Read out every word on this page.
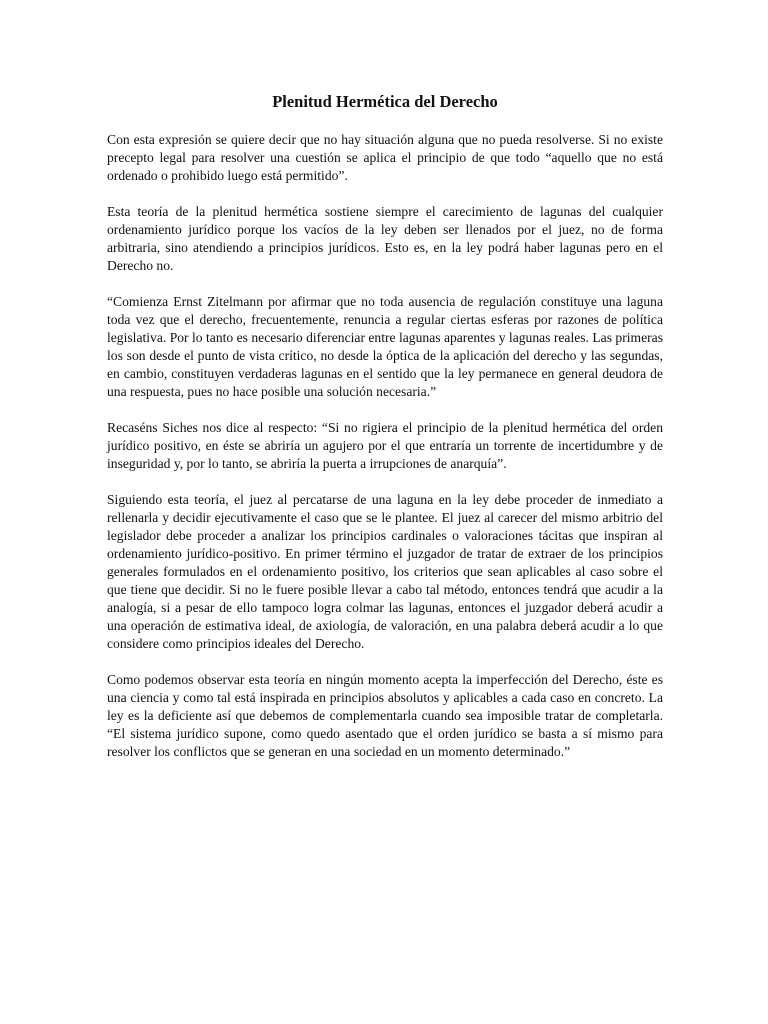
Plenitud Hermética del Derecho

Con esta expresión se quiere decir que no hay situación alguna que no pueda resolverse. Si no existe precepto legal para resolver una cuestión se aplica el principio de que todo “aquello que no está ordenado o prohibido luego está permitido”.

Esta teoría de la plenitud hermética sostiene siempre el carecimiento de lagunas del cualquier ordenamiento jurídico porque los vacíos de la ley deben ser llenados por el juez, no de forma arbitraria, sino atendiendo a principios jurídicos. Esto es, en la ley podrá haber lagunas pero en el Derecho no.

“Comienza Ernst Zitelmann por afirmar que no toda ausencia de regulación constituye una laguna toda vez que el derecho, frecuentemente, renuncia a regular ciertas esferas por razones de política legislativa. Por lo tanto es necesario diferenciar entre lagunas aparentes y lagunas reales. Las primeras los son desde el punto de vista crítico, no desde la óptica de la aplicación del derecho y las segundas, en cambio, constituyen verdaderas lagunas en el sentido que la ley permanece en general deudora de una respuesta, pues no hace posible una solución necesaria.”

Recaséns Siches nos dice al respecto: “Si no rigiera el principio de la plenitud hermética del orden jurídico positivo, en éste se abriría un agujero por el que entraría un torrente de incertidumbre y de inseguridad y, por lo tanto, se abriría la puerta a irrupciones de anarquía”.

Siguiendo esta teoría, el juez al percatarse de una laguna en la ley debe proceder de inmediato a rellenarla y decidir ejecutivamente el caso que se le plantee. El juez al carecer del mismo arbitrio del legislador debe proceder a analizar los principios cardinales o valoraciones tácitas que inspiran al ordenamiento jurídico-positivo. En primer término el juzgador de tratar de extraer de los principios generales formulados en el ordenamiento positivo, los criterios que sean aplicables al caso sobre el que tiene que decidir. Si no le fuere posible llevar a cabo tal método, entonces tendrá que acudir a la analogía, si a pesar de ello tampoco logra colmar las lagunas, entonces el juzgador deberá acudir a una operación de estimativa ideal, de axiología, de valoración, en una palabra deberá acudir a lo que considere como principios ideales del Derecho.

Como podemos observar esta teoría en ningún momento acepta la imperfección del Derecho, éste es una ciencia y como tal está inspirada en principios absolutos y aplicables a cada caso en concreto. La ley es la deficiente así que debemos de complementarla cuando sea imposible tratar de completarla. “El sistema jurídico supone, como quedo asentado que el orden jurídico se basta a sí mismo para resolver los conflictos que se generan en una sociedad en un momento determinado.”
